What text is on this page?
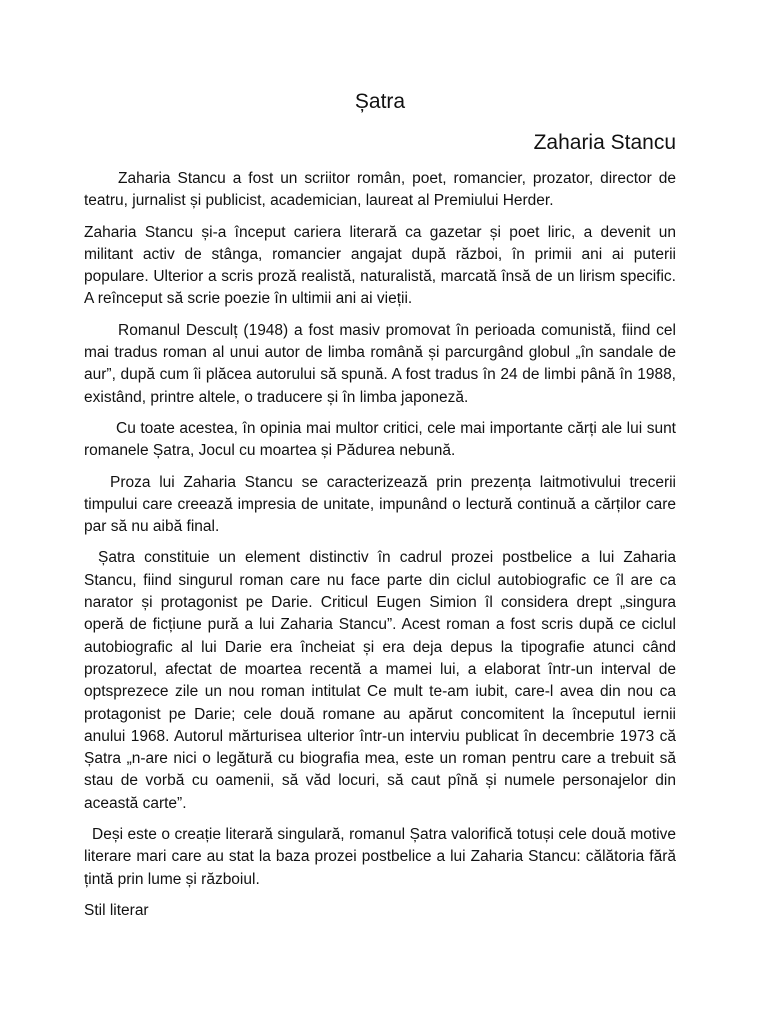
Șatra
Zaharia Stancu

Zaharia Stancu a fost un scriitor român, poet, romancier, prozator, director de teatru, jurnalist și publicist, academician, laureat al Premiului Herder.

Zaharia Stancu și-a început cariera literară ca gazetar și poet liric, a devenit un militant activ de stânga, romancier angajat după război, în primii ani ai puterii populare. Ulterior a scris proză realistă, naturalistă, marcată însă de un lirism specific. A reînceput să scrie poezie în ultimii ani ai vieții.

Romanul Desculț (1948) a fost masiv promovat în perioada comunistă, fiind cel mai tradus roman al unui autor de limba română și parcurgând globul „în sandale de aur”, după cum îi plăcea autorului să spună. A fost tradus în 24 de limbi până în 1988, existând, printre altele, o traducere și în limba japoneză.

Cu toate acestea, în opinia mai multor critici, cele mai importante cărți ale lui sunt romanele Șatra, Jocul cu moartea și Pădurea nebună.

Proza lui Zaharia Stancu se caracterizează prin prezența laitmotivului trecerii timpului care creează impresia de unitate, impunând o lectură continuă a cărților care par să nu aibă final.

Șatra constituie un element distinctiv în cadrul prozei postbelice a lui Zaharia Stancu, fiind singurul roman care nu face parte din ciclul autobiografic ce îl are ca narator și protagonist pe Darie. Criticul Eugen Simion îl considera drept „singura operă de ficțiune pură a lui Zaharia Stancu”. Acest roman a fost scris după ce ciclul autobiografic al lui Darie era încheiat și era deja depus la tipografie atunci când prozatorul, afectat de moartea recentă a mamei lui, a elaborat într-un interval de optsprezece zile un nou roman intitulat Ce mult te-am iubit, care-l avea din nou ca protagonist pe Darie; cele două romane au apărut concomitent la începutul iernii anului 1968. Autorul mărturisea ulterior într-un interviu publicat în decembrie 1973 că Șatra „n-are nici o legătură cu biografia mea, este un roman pentru care a trebuit să stau de vorbă cu oamenii, să văd locuri, să caut pînă și numele personajelor din această carte”.

Deși este o creație literară singulară, romanul Șatra valorifică totuși cele două motive literare mari care au stat la baza prozei postbelice a lui Zaharia Stancu: călătoria fără țintă prin lume și războiul.

Stil literar
